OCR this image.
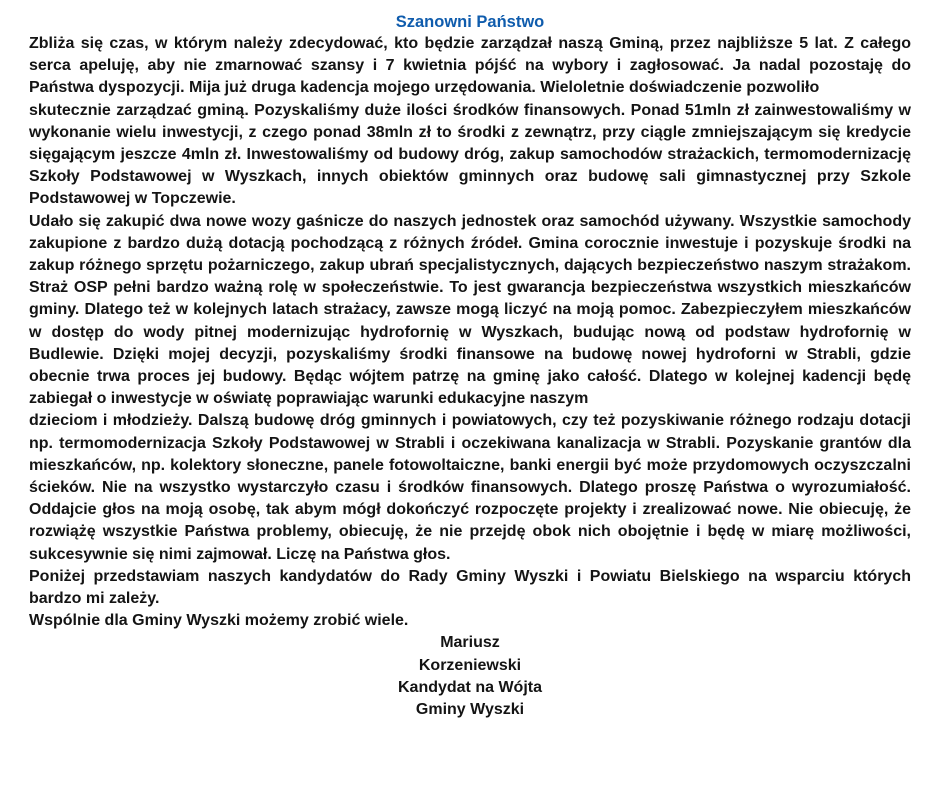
Szanowni Państwo

Zbliża się czas, w którym należy zdecydować, kto będzie zarządzał naszą Gminą, przez najbliższe 5 lat. Z całego serca apeluję, aby nie zmarnować szansy i 7 kwietnia pójść na wybory i zagłosować. Ja nadal pozostaję do Państwa dyspozycji. Mija już druga kadencja mojego urzędowania. Wieloletnie doświadczenie pozwoliło

skutecznie zarządzać gminą. Pozyskaliśmy duże ilości środków finansowych. Ponad 51mln zł zainwestowaliśmy w wykonanie wielu inwestycji, z czego ponad 38mln zł to środki z zewnątrz, przy ciągle zmniejszającym się kredycie sięgającym jeszcze 4mln zł. Inwestowaliśmy od budowy dróg, zakup samochodów strażackich, termomodernizację Szkoły Podstawowej w Wyszkach, innych obiektów gminnych oraz budowę sali gimnastycznej przy Szkole Podstawowej w Topczewie.

Udało się zakupić dwa nowe wozy gaśnicze do naszych jednostek oraz samochód używany. Wszystkie samochody zakupione z bardzo dużą dotacją pochodzącą z różnych źródeł. Gmina corocznie inwestuje i pozyskuje środki na zakup różnego sprzętu pożarniczego, zakup ubrań specjalistycznych, dających bezpieczeństwo naszym strażakom. Straż OSP pełni bardzo ważną rolę w społeczeństwie. To jest gwarancja bezpieczeństwa wszystkich mieszkańców gminy. Dlatego też w kolejnych latach strażacy, zawsze mogą liczyć na moją pomoc. Zabezpieczyłem mieszkańców w dostęp do wody pitnej modernizując hydrofornię w Wyszkach, budując nową od podstaw hydrofornię w Budlewie. Dzięki mojej decyzji, pozyskaliśmy środki finansowe na budowę nowej hydroforni w Strabli, gdzie obecnie trwa proces jej budowy. Będąc wójtem patrzę na gminę jako całość. Dlatego w kolejnej kadencji będę zabiegał o inwestycje w oświatę poprawiając warunki edukacyjne naszym

dzieciom i młodzieży. Dalszą budowę dróg gminnych i powiatowych, czy też pozyskiwanie różnego rodzaju dotacji np. termomodernizacja Szkoły Podstawowej w Strabli i oczekiwana kanalizacja w Strabli. Pozyskanie grantów dla mieszkańców, np. kolektory słoneczne, panele fotowoltaiczne, banki energii być może przydomowych oczyszczalni ścieków. Nie na wszystko wystarczyło czasu i środków finansowych. Dlatego proszę Państwa o wyrozumiałość. Oddajcie głos na moją osobę, tak abym mógł dokończyć rozpoczęte projekty i zrealizować nowe. Nie obiecuję, że rozwiążę wszystkie Państwa problemy, obiecuję, że nie przejdę obok nich obojętnie i będę w miarę możliwości, sukcesywnie się nimi zajmował. Liczę na Państwa głos.

Poniżej przedstawiam naszych kandydatów do Rady Gminy Wyszki i Powiatu Bielskiego na wsparciu których bardzo mi zależy.

Wspólnie dla Gminy Wyszki możemy zrobić wiele.

Mariusz
Korzeniewski
Kandydat na Wójta
Gminy Wyszki
